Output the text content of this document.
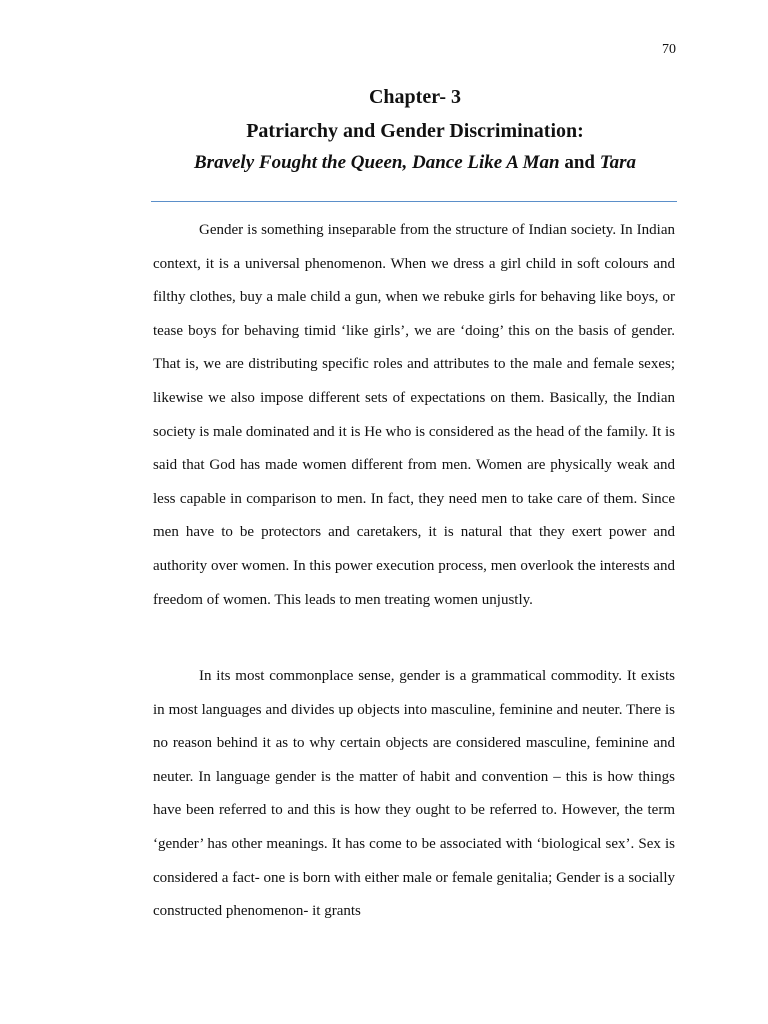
70
Chapter- 3
Patriarchy and Gender Discrimination:
Bravely Fought the Queen, Dance Like A Man and Tara

Gender is something inseparable from the structure of Indian society. In Indian context, it is a universal phenomenon. When we dress a girl child in soft colours and filthy clothes, buy a male child a gun, when we rebuke girls for behaving like boys, or tease boys for behaving timid ‘like girls’, we are ‘doing’ this on the basis of gender. That is, we are distributing specific roles and attributes to the male and female sexes; likewise we also impose different sets of expectations on them. Basically, the Indian society is male dominated and it is He who is considered as the head of the family. It is said that God has made women different from men. Women are physically weak and less capable in comparison to men. In fact, they need men to take care of them. Since men have to be protectors and caretakers, it is natural that they exert power and authority over women. In this power execution process, men overlook the interests and freedom of women. This leads to men treating women unjustly.

In its most commonplace sense, gender is a grammatical commodity. It exists in most languages and divides up objects into masculine, feminine and neuter. There is no reason behind it as to why certain objects are considered masculine, feminine and neuter. In language gender is the matter of habit and convention – this is how things have been referred to and this is how they ought to be referred to. However, the term ‘gender’ has other meanings. It has come to be associated with ‘biological sex’. Sex is considered a fact- one is born with either male or female genitalia; Gender is a socially constructed phenomenon- it grants
